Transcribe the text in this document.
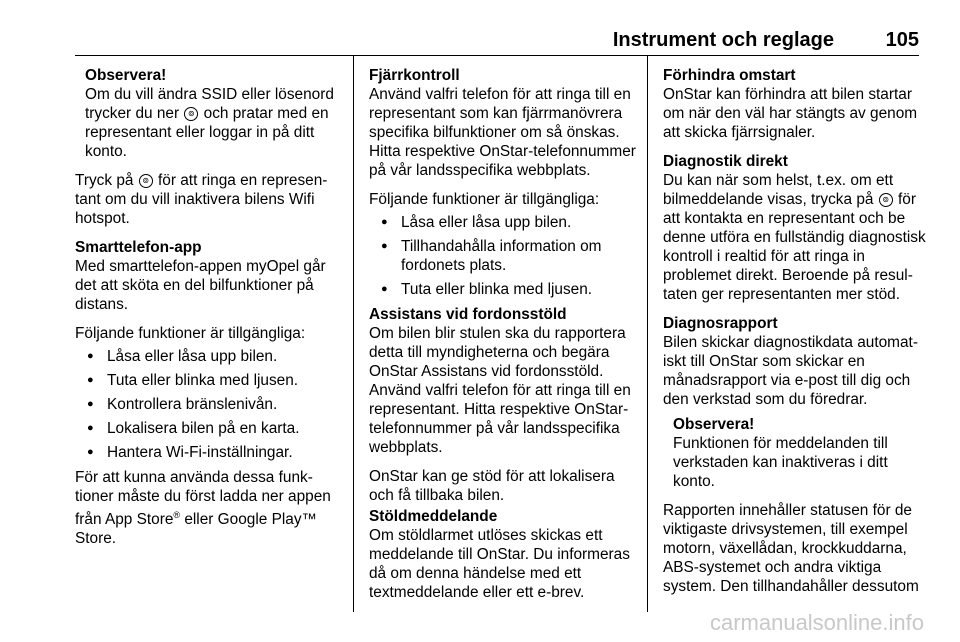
Instrument och reglage	105
Observera!
Om du vill ändra SSID eller lösenord trycker du ner ⊚ och pratar med en representant eller loggar in på ditt konto.

Tryck på ⊚ för att ringa en representant om du vill inaktivera bilens Wifi hotspot.

Smarttelefon-app
Med smarttelefon-appen myOpel går det att sköta en del bilfunktioner på distans.

Följande funktioner är tillgängliga:

● Låsa eller låsa upp bilen.
● Tuta eller blinka med ljusen.
● Kontrollera bränslenivån.
● Lokalisera bilen på en karta.
● Hantera Wi-Fi-inställningar.

För att kunna använda dessa funktioner måste du först ladda ner appen från App Store® eller Google Play™ Store.

Fjärrkontroll
Använd valfri telefon för att ringa till en representant som kan fjärrmanövrera specifika bilfunktioner om så önskas. Hitta respektive OnStar-telefonnummer på vår landsspecifika webbplats.

Följande funktioner är tillgängliga:

● Låsa eller låsa upp bilen.
● Tillhandahålla information om fordonets plats.
● Tuta eller blinka med ljusen.

Assistans vid fordonsstöld
Om bilen blir stulen ska du rapportera detta till myndigheterna och begära OnStar Assistans vid fordonsstöld. Använd valfri telefon för att ringa till en representant. Hitta respektive OnStar-telefonnummer på vår landsspecifika webbplats.

OnStar kan ge stöd för att lokalisera och få tillbaka bilen.

Stöldmeddelande
Om stöldlarmet utlöses skickas ett meddelande till OnStar. Du informeras då om denna händelse med ett textmeddelande eller ett e-brev.

Förhindra omstart
OnStar kan förhindra att bilen startar om när den väl har stängts av genom att skicka fjärrsignaler.

Diagnostik direkt
Du kan när som helst, t.ex. om ett bilmeddelande visas, trycka på ⊚ för att kontakta en representant och be denne utföra en fullständig diagnostisk kontroll i realtid för att ringa in problemet direkt. Beroende på resultaten ger representanten mer stöd.

Diagnosrapport
Bilen skickar diagnostikdata automatiskt till OnStar som skickar en månadsrapport via e-post till dig och den verkstad som du föredrar.

Observera!
Funktionen för meddelanden till verkstaden kan inaktiveras i ditt konto.

Rapporten innehåller statusen för de viktigaste drivsystemen, till exempel motorn, växellådan, krockkuddarna, ABS-systemet och andra viktiga system. Den tillhandahåller dessutom

carmanualsonline.info
